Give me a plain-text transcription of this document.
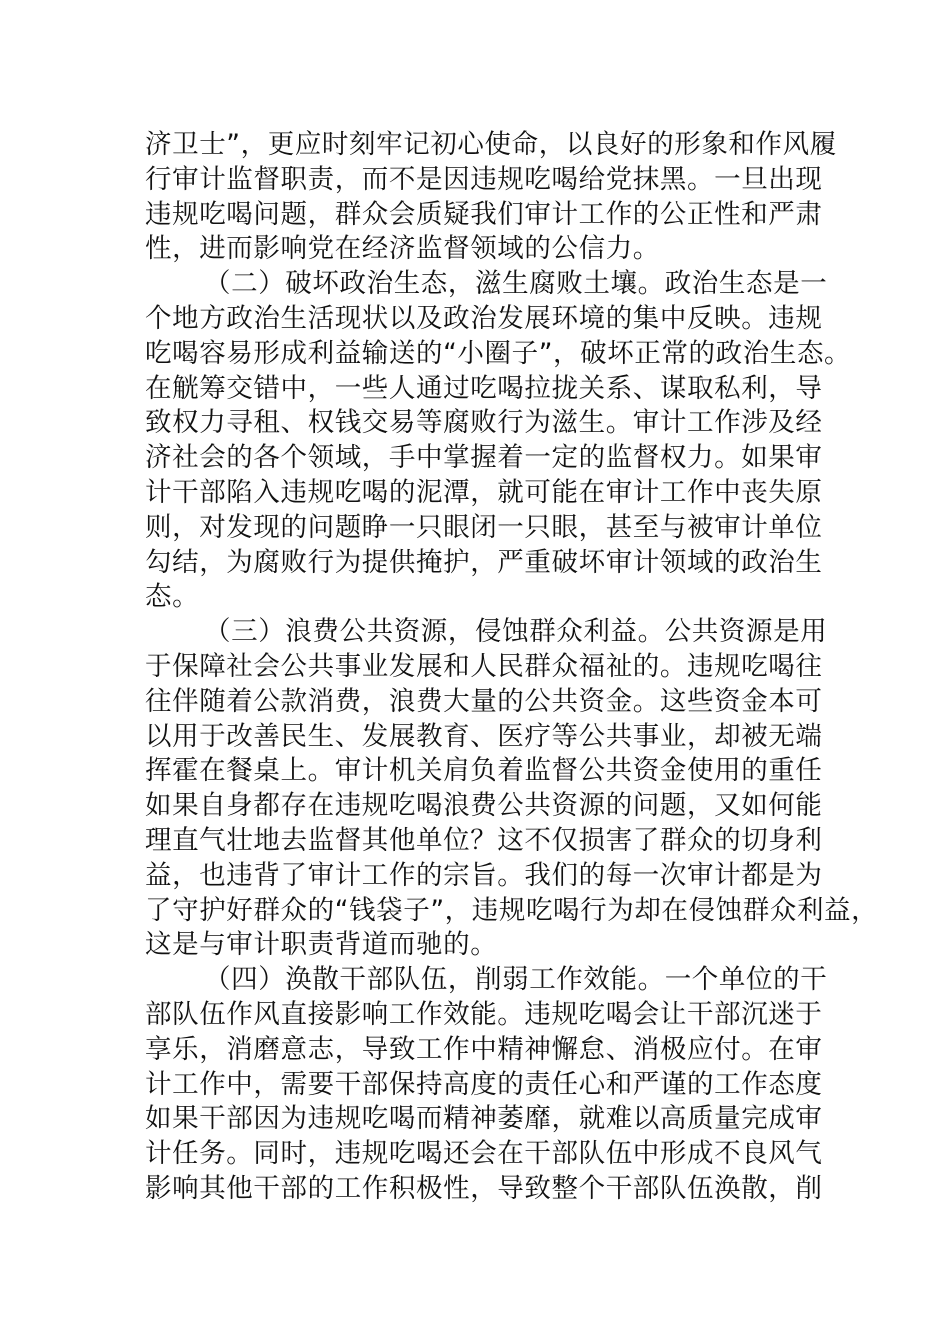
济卫士”，更应时刻牢记初心使命，以良好的形象和作风履
行审计监督职责，而不是因违规吃喝给党抹黑。一旦出现
违规吃喝问题，群众会质疑我们审计工作的公正性和严肃
性，进而影响党在经济监督领域的公信力。
（二）破坏政治生态，滋生腐败土壤。政治生态是一
个地方政治生活现状以及政治发展环境的集中反映。违规
吃喝容易形成利益输送的“小圈子”，破坏正常的政治生态。
在觥筹交错中，一些人通过吃喝拉拢关系、谋取私利，导
致权力寻租、权钱交易等腐败行为滋生。审计工作涉及经
济社会的各个领域，手中掌握着一定的监督权力。如果审
计干部陷入违规吃喝的泥潭，就可能在审计工作中丧失原
则，对发现的问题睁一只眼闭一只眼，甚至与被审计单位
勾结，为腐败行为提供掩护，严重破坏审计领域的政治生
态。
（三）浪费公共资源，侵蚀群众利益。公共资源是用
于保障社会公共事业发展和人民群众福祉的。违规吃喝往
往伴随着公款消费，浪费大量的公共资金。这些资金本可
以用于改善民生、发展教育、医疗等公共事业，却被无端
挥霍在餐桌上。审计机关肩负着监督公共资金使用的重任
如果自身都存在违规吃喝浪费公共资源的问题，又如何能
理直气壮地去监督其他单位？这不仅损害了群众的切身利
益，也违背了审计工作的宗旨。我们的每一次审计都是为
了守护好群众的“钱袋子”，违规吃喝行为却在侵蚀群众利益，
这是与审计职责背道而驰的。
（四）涣散干部队伍，削弱工作效能。一个单位的干
部队伍作风直接影响工作效能。违规吃喝会让干部沉迷于
享乐，消磨意志，导致工作中精神懈怠、消极应付。在审
计工作中，需要干部保持高度的责任心和严谨的工作态度
如果干部因为违规吃喝而精神萎靡，就难以高质量完成审
计任务。同时，违规吃喝还会在干部队伍中形成不良风气
影响其他干部的工作积极性，导致整个干部队伍涣散，削
